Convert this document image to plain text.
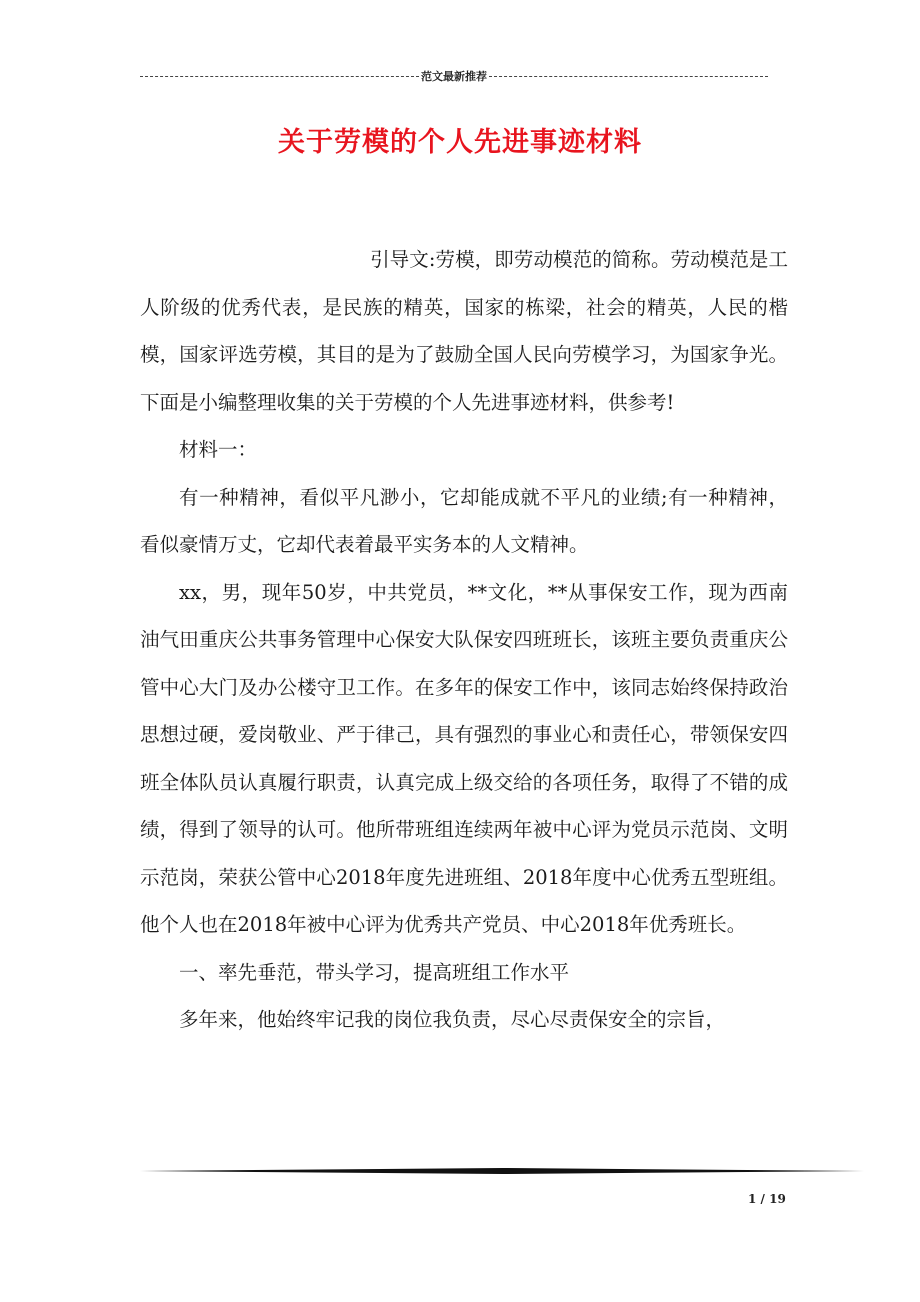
范文最新推荐
关于劳模的个人先进事迹材料

引导文:劳模，即劳动模范的简称。劳动模范是工人阶级的优秀代表，是民族的精英，国家的栋梁，社会的精英，人民的楷模，国家评选劳模，其目的是为了鼓励全国人民向劳模学习，为国家争光。下面是小编整理收集的关于劳模的个人先进事迹材料，供参考!

材料一：

有一种精神，看似平凡渺小，它却能成就不平凡的业绩;有一种精神，看似豪情万丈，它却代表着最平实务本的人文精神。

xx，男，现年50岁，中共党员，**文化，**从事保安工作，现为西南油气田重庆公共事务管理中心保安大队保安四班班长，该班主要负责重庆公管中心大门及办公楼守卫工作。在多年的保安工作中，该同志始终保持政治思想过硬，爱岗敬业、严于律己，具有强烈的事业心和责任心，带领保安四班全体队员认真履行职责，认真完成上级交给的各项任务，取得了不错的成绩，得到了领导的认可。他所带班组连续两年被中心评为党员示范岗、文明示范岗，荣获公管中心2018年度先进班组、2018年度中心优秀五型班组。他个人也在2018年被中心评为优秀共产党员、中心2018年优秀班长。

一、率先垂范，带头学习，提高班组工作水平

多年来，他始终牢记我的岗位我负责，尽心尽责保安全的宗旨，

1 / 19
